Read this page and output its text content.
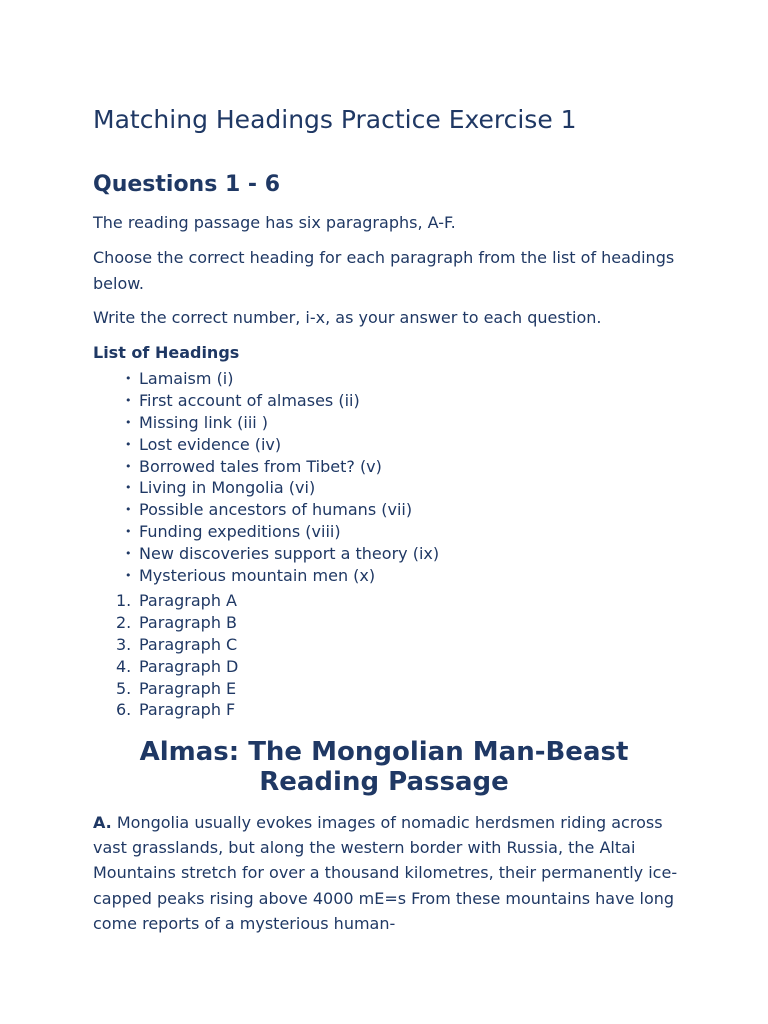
Matching Headings Practice Exercise 1
Questions 1 - 6

The reading passage has six paragraphs, A-F.

Choose the correct heading for each paragraph from the list of headings below.

Write the correct number, i-x, as your answer to each question.

List of Headings
• Lamaism (i)
• First account of almases (ii)
• Missing link (iii )
• Lost evidence (iv)
• Borrowed tales from Tibet? (v)
• Living in Mongolia (vi)
• Possible ancestors of humans (vii)
• Funding expeditions (viii)
• New discoveries support a theory (ix)
• Mysterious mountain men (x)
1. Paragraph A
2. Paragraph B
3. Paragraph C
4. Paragraph D
5. Paragraph E
6. Paragraph F
Almas: The Mongolian Man-Beast Reading Passage

A. Mongolia usually evokes images of nomadic herdsmen riding across vast grasslands, but along the western border with Russia, the Altai Mountains stretch for over a thousand kilometres, their permanently ice-capped peaks rising above 4000 mE=s From these mountains have long come reports of a mysterious human-
